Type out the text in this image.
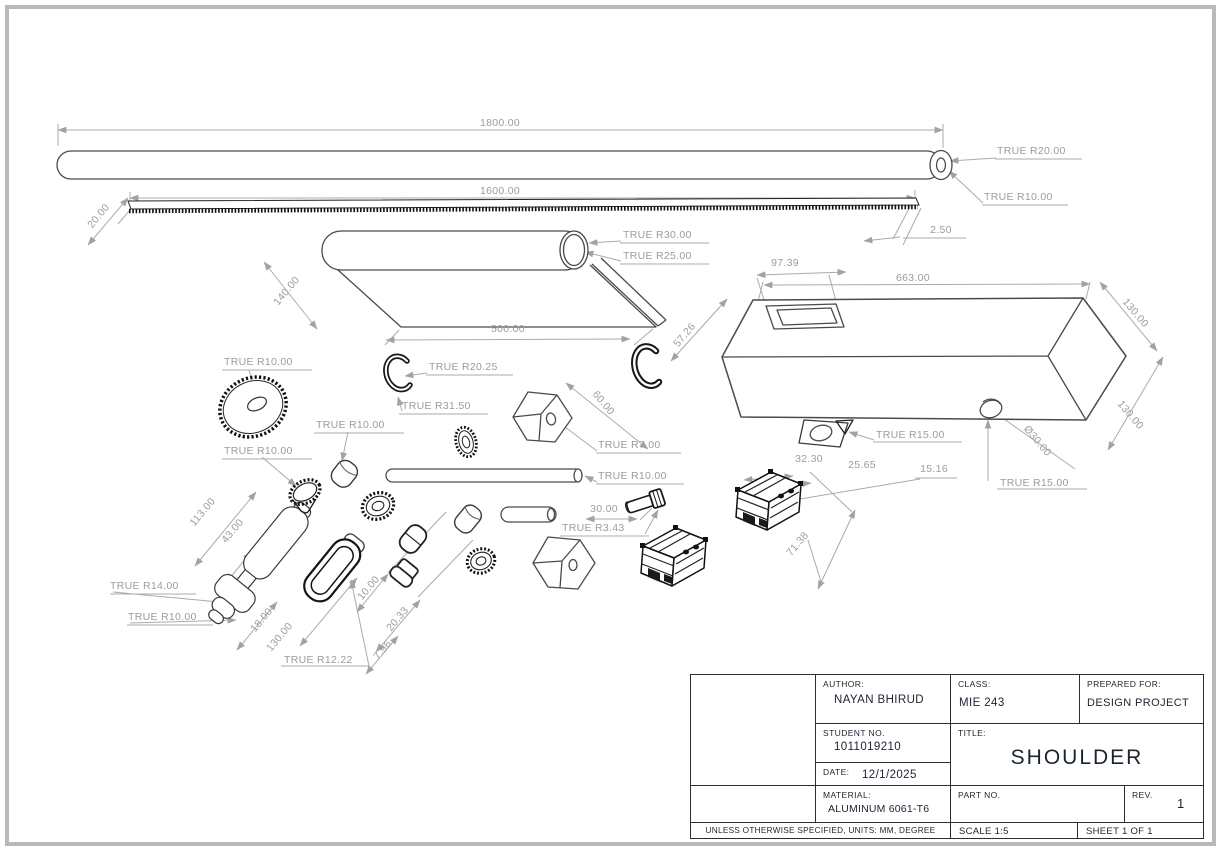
1800.00
TRUE R20.00
TRUE R10.00
1600.00
20.00	2.50
TRUE R30.00
TRUE R25.00
140.00
500.00
97.39
663.00
57.26
130.00
130.00
Ø30.00
TRUE R15.00
TRUE R15.00
TRUE R10.00	TRUE R20.25
TRUE R31.50
TRUE R10.00
TRUE R10.00
60.00
TRUE R7.00
TRUE R10.00
30.00
TRUE R3.43
113.00
43.00
TRUE R14.00
TRUE R10.00	18.00
130.00
TRUE R12.22
10.00
20.33
7.96
32.30 25.65	15.16
71.38
AUTHOR:
NAYAN BHIRUD
CLASS:
MIE 243
PREPARED FOR:
DESIGN PROJECT
STUDENT NO.
1011019210
DATE: 12/1/2025
TITLE:
SHOULDER
MATERIAL:
ALUMINUM 6061-T6
PART NO.	REV.
1
UNLESS OTHERWISE SPECIFIED, UNITS: MM, DEGREE	SCALE 1:5	SHEET 1 OF 1
